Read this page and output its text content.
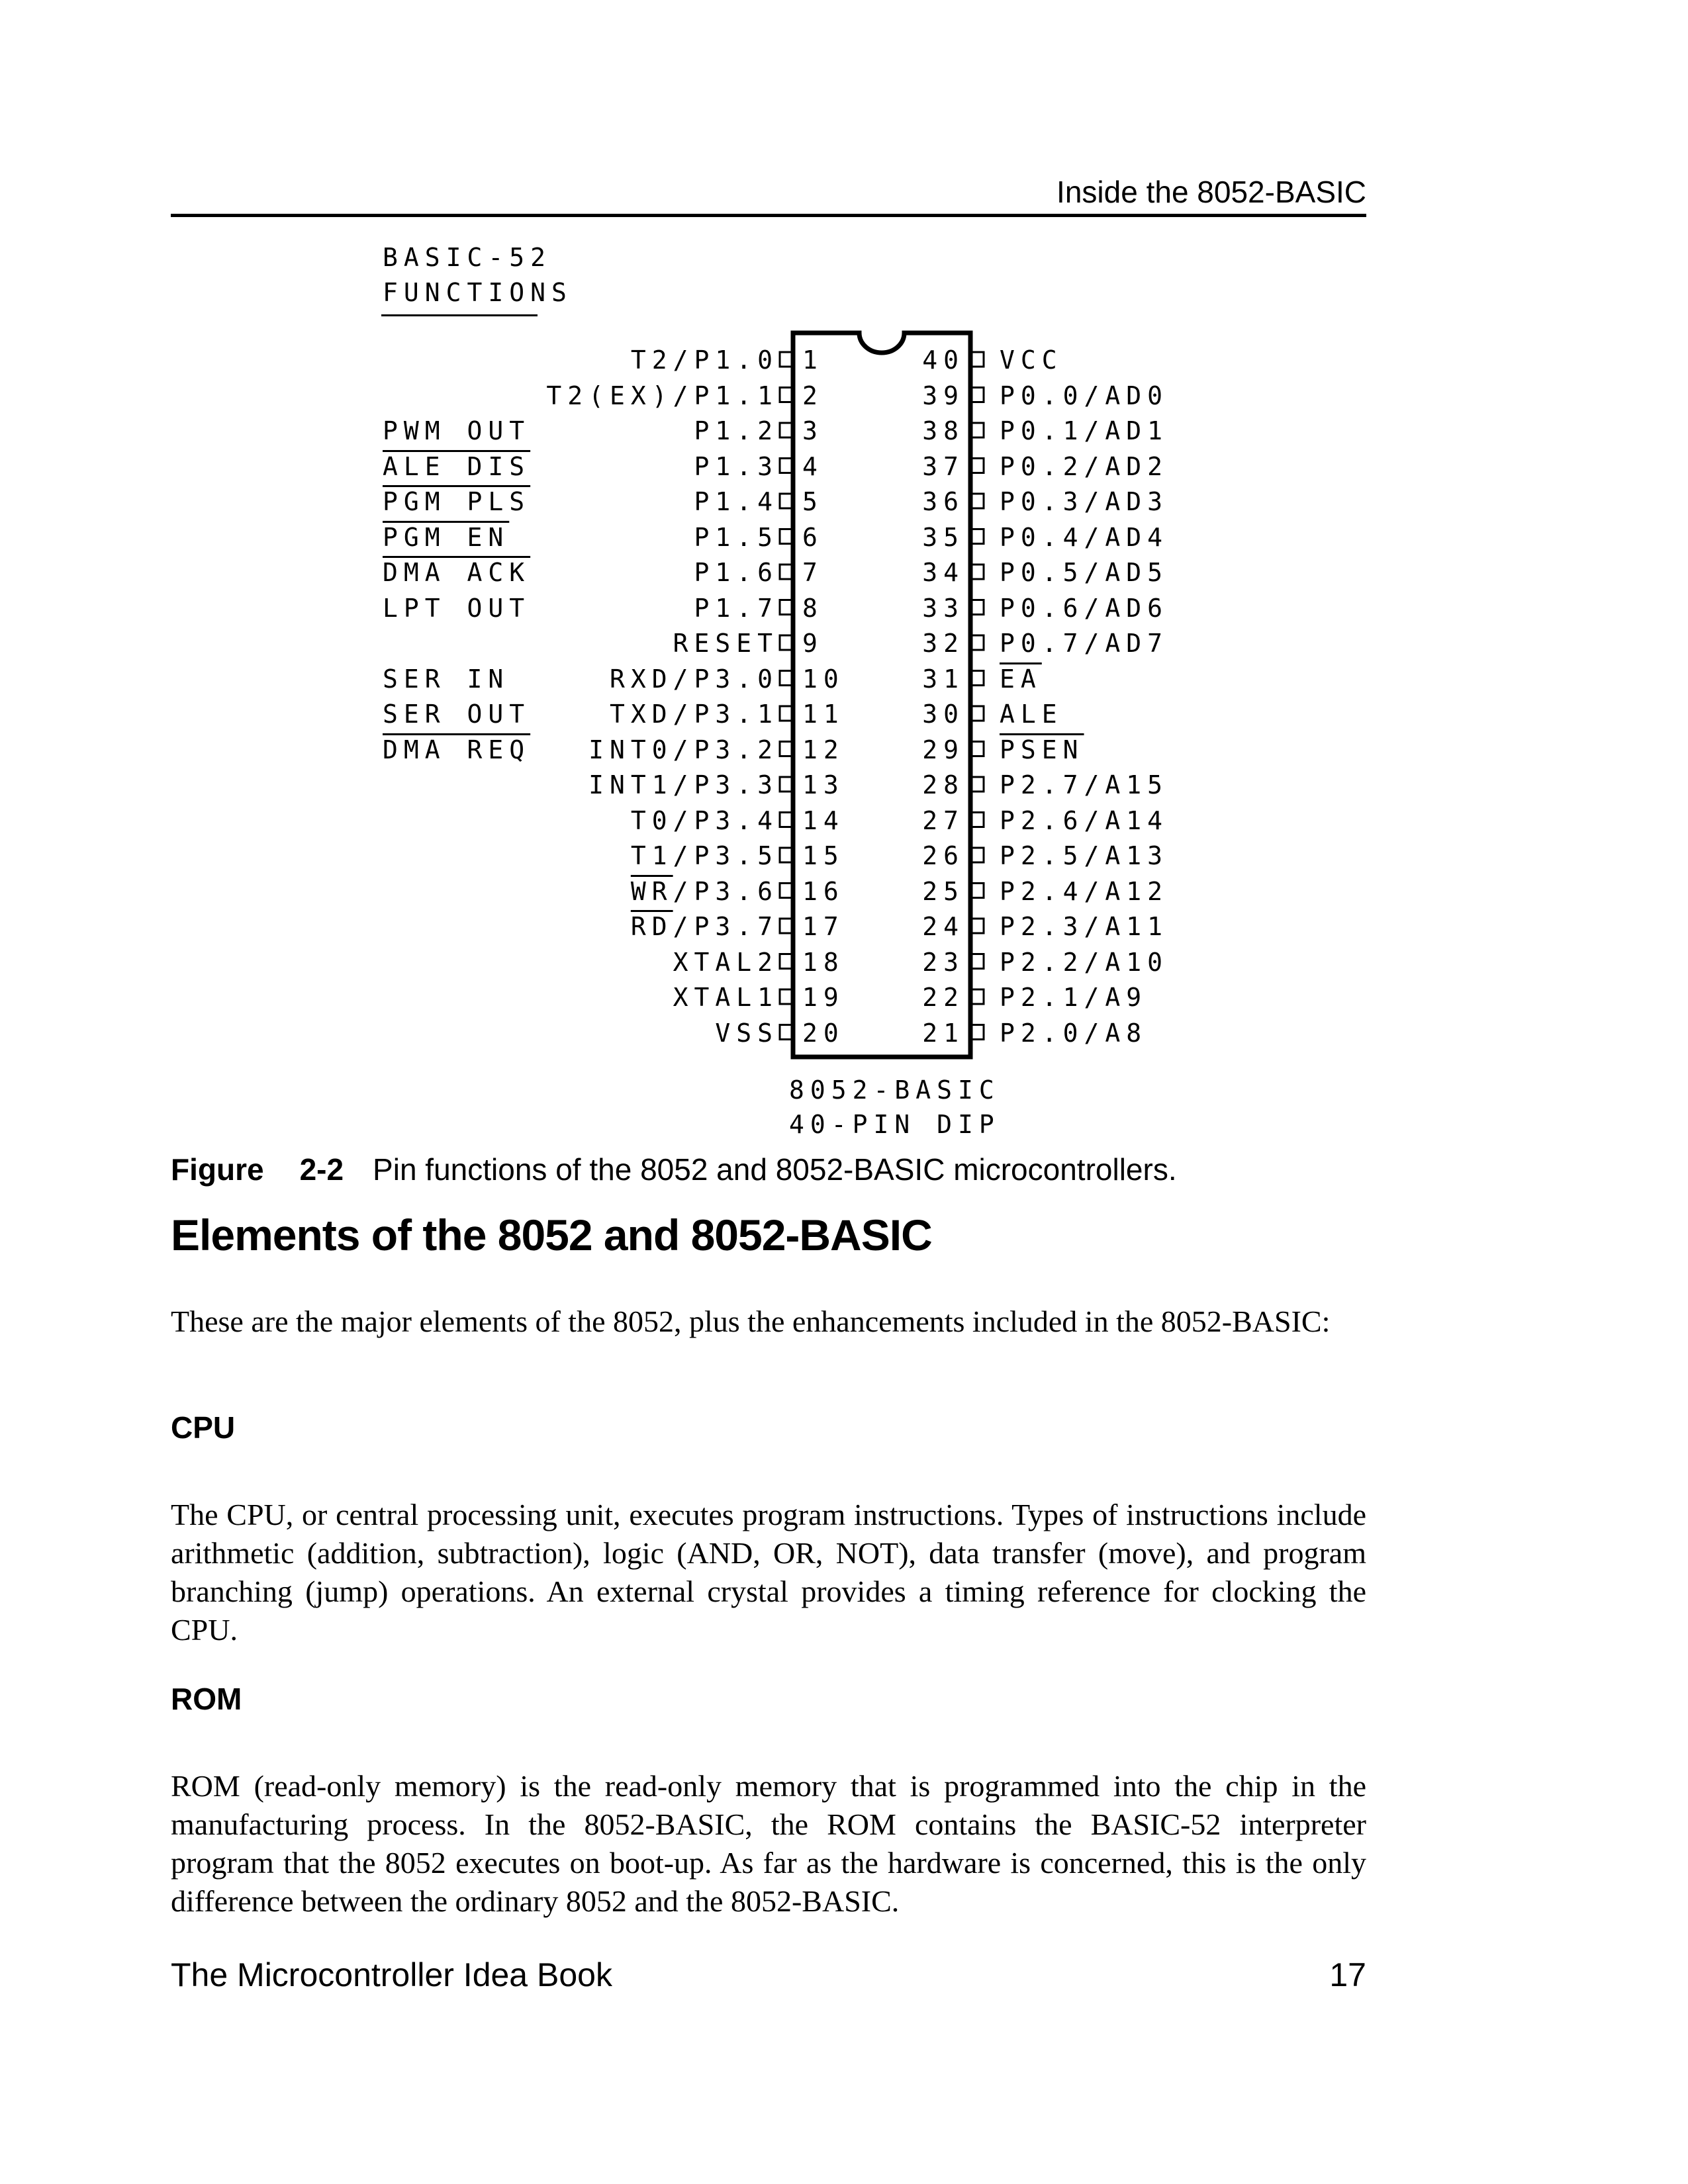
Inside the 8052-BASIC
BASIC-52
FUNCTIONS
PWM OUT
ALE DIS
PGM PLS
PGM EN
DMA ACK
LPT OUT
SER IN
SER OUT
DMA REQ
T2/P1.0 1
T2(EX)/P1.1 2
P1.2 3
P1.3 4
P1.4 5
P1.5 6
P1.6 7
P1.7 8
RESET 9
RXD/P3.0 10
TXD/P3.1 11
INT0/P3.2 12
INT1/P3.3 13
T0/P3.4 14
T1/P3.5 15
$\overline{WR}/P3.6$ 16
$\overline{RD}/P3.7$ 17
XTAL2 18
XTAL1 19
VSS 20
40 VCC
39 P0.0/AD0
38 P0.1/AD1
37 P0.2/AD2
36 P0.3/AD3
35 P0.4/AD4
34 P0.5/AD5
33 P0.6/AD6
32 P0.7/AD7
31 $\overline{EA}$
30 ALE
29 PSEN
28 P2.7/A15
27 P2.6/A14
26 P2.5/A13
25 P2.4/A12
24 P2.3/A11
23 P2.2/A10
22 P2.1/A9
21 P2.0/A8
8052-BASIC
40-PIN DIP
Figure 2-2 Pin functions of the 8052 and 8052-BASIC microcontrollers.
Elements of the 8052 and 8052-BASIC
These are the major elements of the 8052, plus the enhancements included in the 8052-BASIC:
CPU
The CPU, or central processing unit, executes program instructions. Types of instructions include arithmetic (addition, subtraction), logic (AND, OR, NOT), data transfer (move), and program branching (jump) operations. An external crystal provides a timing reference for clocking the CPU.
ROM
ROM (read-only memory) is the read-only memory that is programmed into the chip in the manufacturing process. In the 8052-BASIC, the ROM contains the BASIC-52 interpreter program that the 8052 executes on boot-up. As far as the hardware is concerned, this is the only difference between the ordinary 8052 and the 8052-BASIC.
The Microcontroller Idea Book	17
